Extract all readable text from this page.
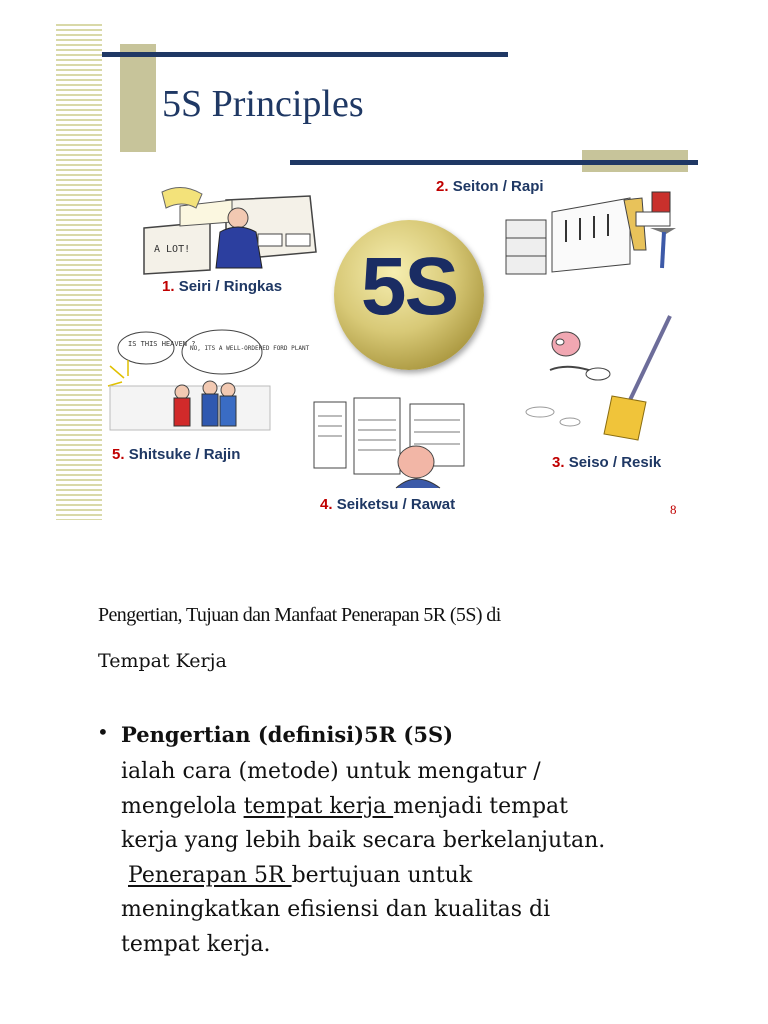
5S Principles
A LOT!
IS THIS HEAVEN ?
NO, ITS A WELL-ORDERED FORD PLANT
5S
1. Seiri / Ringkas
2. Seiton / Rapi
3. Seiso / Resik
4. Seiketsu / Rawat
5. Shitsuke / Rajin
8
Pengertian, Tujuan dan Manfaat Penerapan 5R (5S) di
Tempat Kerja
• Pengertian (definisi)5R (5S)
ialah cara (metode) untuk mengatur /
mengelola tempat kerja menjadi tempat
kerja yang lebih baik secara berkelanjutan.
Penerapan 5R bertujuan untuk
meningkatkan efisiensi dan kualitas di
tempat kerja.
